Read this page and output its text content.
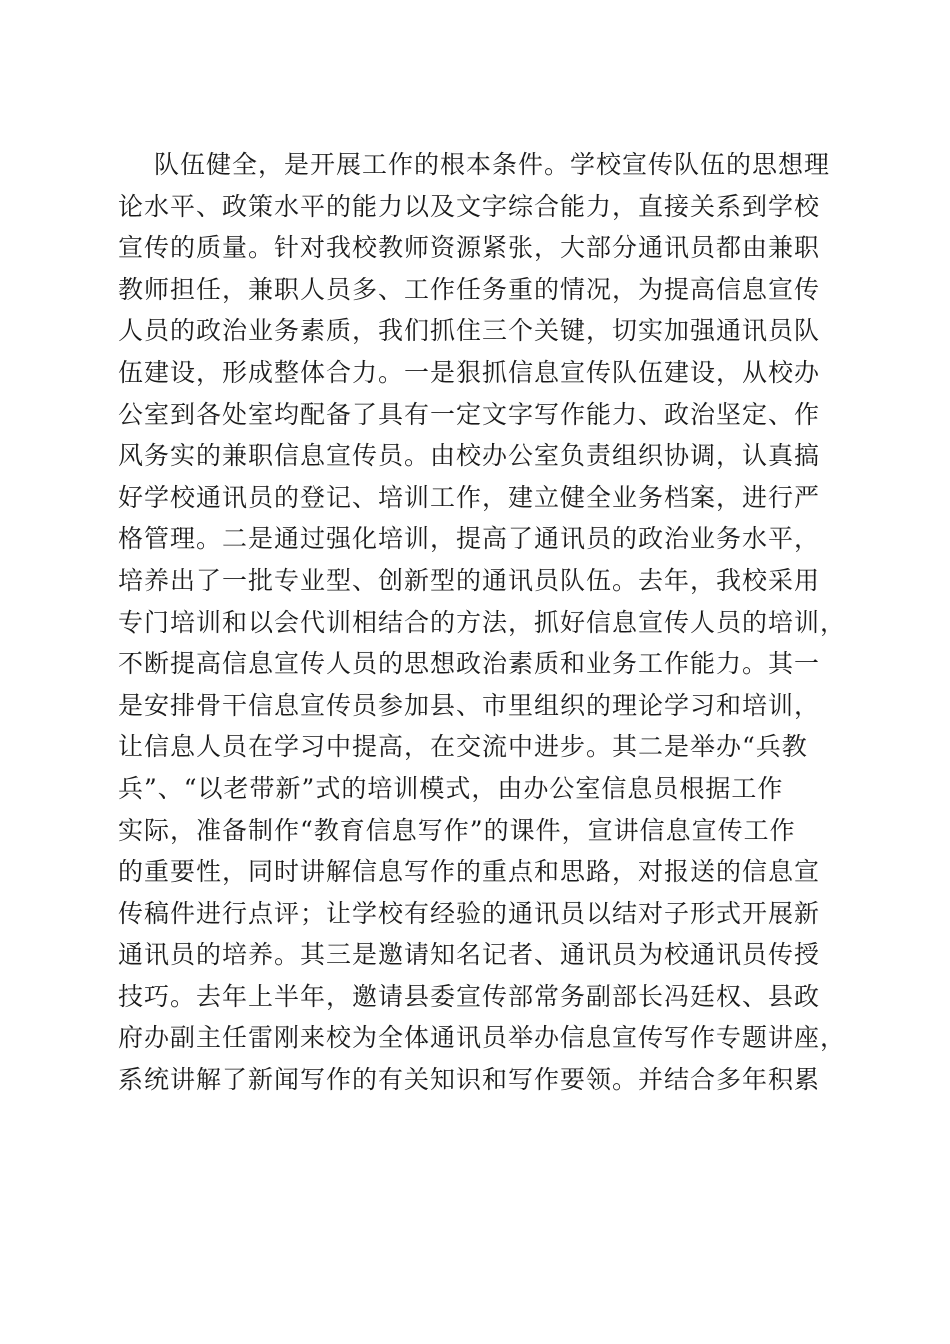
队伍健全，是开展工作的根本条件。学校宣传队伍的思想理
论水平、政策水平的能力以及文字综合能力，直接关系到学校
宣传的质量。针对我校教师资源紧张，大部分通讯员都由兼职
教师担任，兼职人员多、工作任务重的情况，为提高信息宣传
人员的政治业务素质，我们抓住三个关键，切实加强通讯员队
伍建设，形成整体合力。一是狠抓信息宣传队伍建设，从校办
公室到各处室均配备了具有一定文字写作能力、政治坚定、作
风务实的兼职信息宣传员。由校办公室负责组织协调，认真搞
好学校通讯员的登记、培训工作，建立健全业务档案，进行严
格管理。二是通过强化培训，提高了通讯员的政治业务水平，
培养出了一批专业型、创新型的通讯员队伍。去年，我校采用
专门培训和以会代训相结合的方法，抓好信息宣传人员的培训，
不断提高信息宣传人员的思想政治素质和业务工作能力。其一
是安排骨干信息宣传员参加县、市里组织的理论学习和培训，
让信息人员在学习中提高，在交流中进步。其二是举办“兵教
兵”、“以老带新”式的培训模式，由办公室信息员根据工作
实际，准备制作“教育信息写作”的课件，宣讲信息宣传工作
的重要性，同时讲解信息写作的重点和思路，对报送的信息宣
传稿件进行点评；让学校有经验的通讯员以结对子形式开展新
通讯员的培养。其三是邀请知名记者、通讯员为校通讯员传授
技巧。去年上半年，邀请县委宣传部常务副部长冯廷权、县政
府办副主任雷刚来校为全体通讯员举办信息宣传写作专题讲座，
系统讲解了新闻写作的有关知识和写作要领。并结合多年积累
